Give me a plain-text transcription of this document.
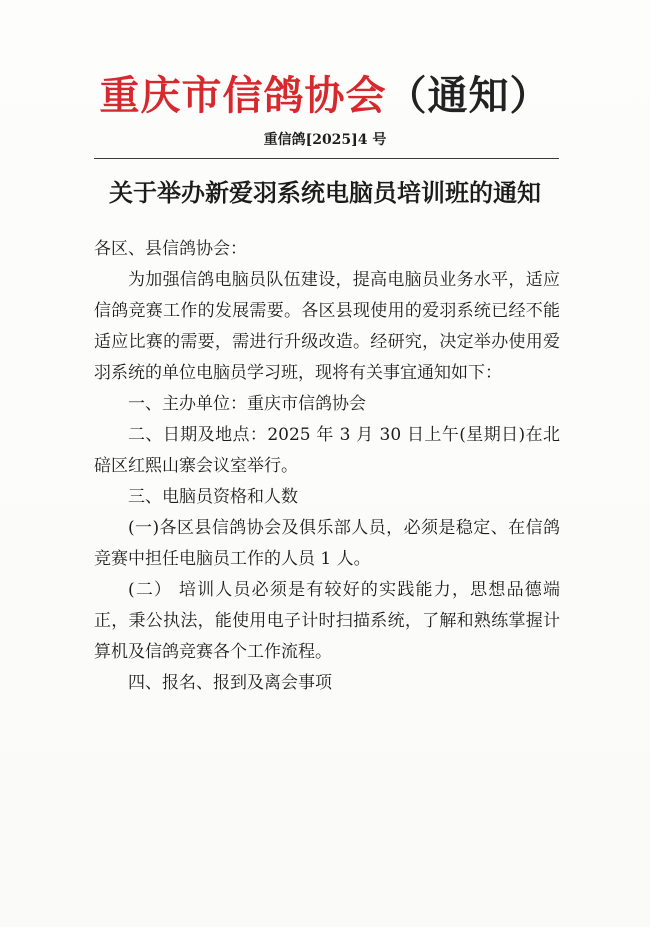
重庆市信鸽协会（通知）
重信鸽[2025]4 号
关于举办新爱羽系统电脑员培训班的通知

各区、县信鸽协会：

为加强信鸽电脑员队伍建设，提高电脑员业务水平，适应信鸽竞赛工作的发展需要。各区县现使用的爱羽系统已经不能适应比赛的需要，需进行升级改造。经研究，决定举办使用爱羽系统的单位电脑员学习班，现将有关事宜通知如下：

一、主办单位：重庆市信鸽协会

二、日期及地点：2025 年 3 月 30 日上午(星期日)在北碚区红熙山寨会议室举行。

三、电脑员资格和人数

(一)各区县信鸽协会及俱乐部人员，必须是稳定、在信鸽竞赛中担任电脑员工作的人员 1 人。

(二） 培训人员必须是有较好的实践能力，思想品德端正，秉公执法，能使用电子计时扫描系统，了解和熟练掌握计算机及信鸽竞赛各个工作流程。

四、报名、报到及离会事项
